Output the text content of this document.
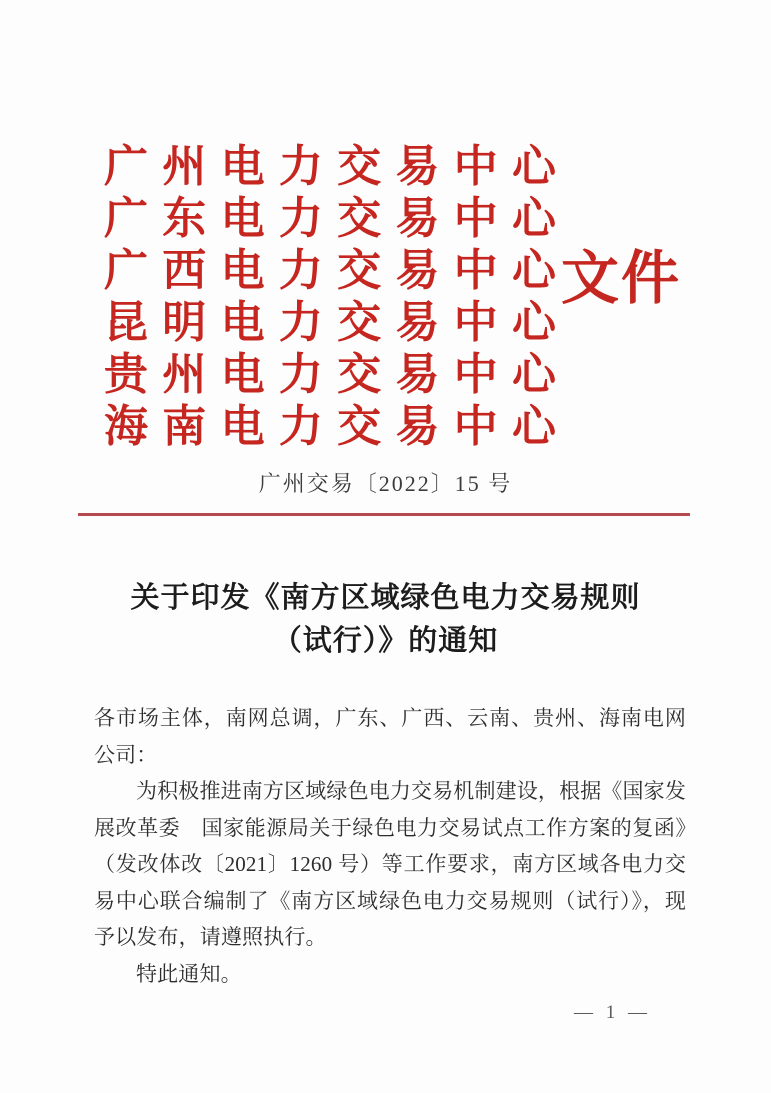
广 州 电 力 交 易 中 心
广 东 电 力 交 易 中 心
广 西 电 力 交 易 中 心
昆 明 电 力 交 易 中 心
贵 州 电 力 交 易 中 心
海 南 电 力 交 易 中 心
文件
广州交易〔2022〕15 号
关于印发《南方区域绿色电力交易规则
（试行）》的通知

各市场主体，南网总调，广东、广西、云南、贵州、海南电网公司：

为积极推进南方区域绿色电力交易机制建设，根据《国家发展改革委　国家能源局关于绿色电力交易试点工作方案的复函》（发改体改〔2021〕1260 号）等工作要求，南方区域各电力交易中心联合编制了《南方区域绿色电力交易规则（试行）》，现予以发布，请遵照执行。

特此通知。

— 1 —
